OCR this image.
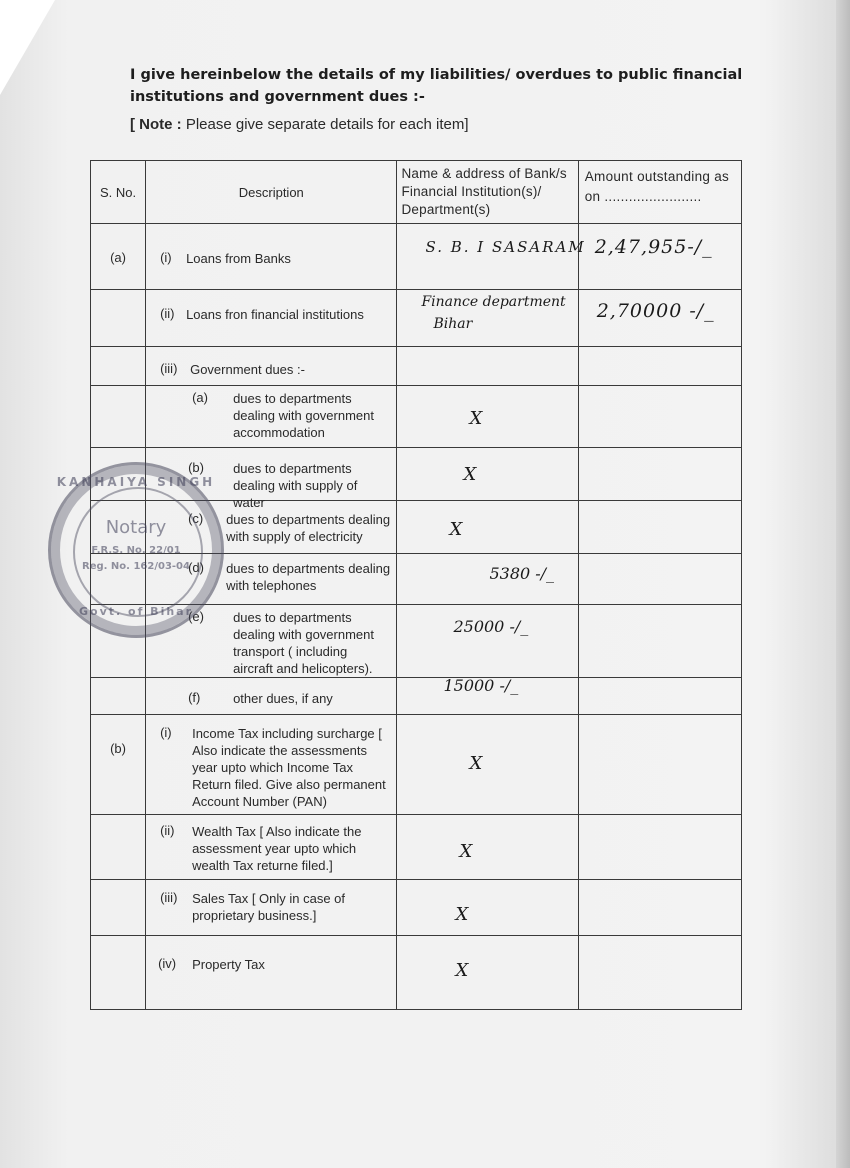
I give hereinbelow the details of my liabilities/ overdues to public financial institutions and government dues :-
[ Note : Please give separate details for each item]
S. No.	Description	Name & address of Bank/s Financial Institution(s)/ Department(s)	Amount outstanding as
on ........................

(a)	(i) Loans from Banks	S. B. I SASARAM	2,47,955-/_

	(ii) Loans fron financial institutions	Finance department
Bihar	2,70000 -/_

	(iii) Government dues :-		

	(a) dues to departments dealing with government accommodation	X	

	(b) dues to departments dealing with supply of water	X	

	(c) dues to departments dealing with supply of electricity	X	

	(d) dues to departments dealing with telephones	5380 -/_	

	(e) dues to departments dealing with government transport ( including aircraft and helicopters).	25000 -/_	

	(f) other dues, if any	15000 -/_	

(b)	(i) Income Tax including surcharge [ Also indicate the assessments year upto which Income Tax Return filed. Give also permanent Account Number (PAN)	X	

	(ii) Wealth Tax [ Also indicate the assessment year upto which wealth Tax returne filed.]	X	

	(iii) Sales Tax [ Only in case of proprietary business.]	X	

	(iv) Property Tax	X	

KANHAIYA SINGH
Notary
F.R.S. No. 22/01
Reg. No. 162/03-04
Govt. of Bihar
